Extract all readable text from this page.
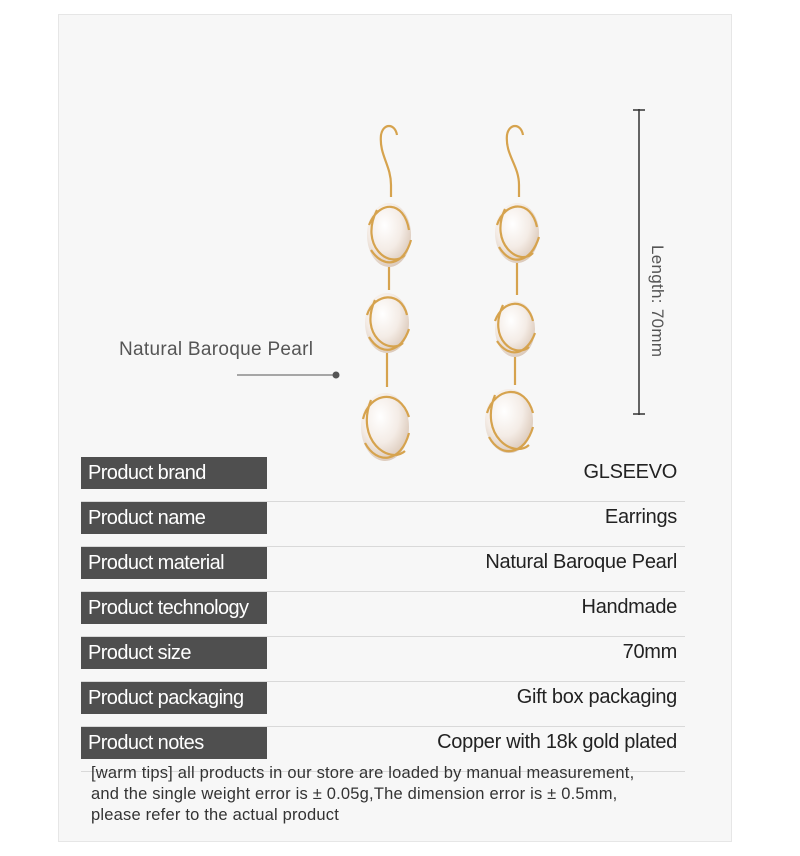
Natural Baroque Pearl	Length: 70mm
Product brand	GLSEEVO
Product name	Earrings
Product material	Natural Baroque Pearl
Product technology	Handmade
Product size	70mm
Product packaging	Gift box packaging
Product notes	Copper with 18k gold plated
[warm tips] all products in our store are loaded by manual measurement,
and the single weight error is ± 0.05g,The dimension error is ± 0.5mm,
please refer to the actual product
